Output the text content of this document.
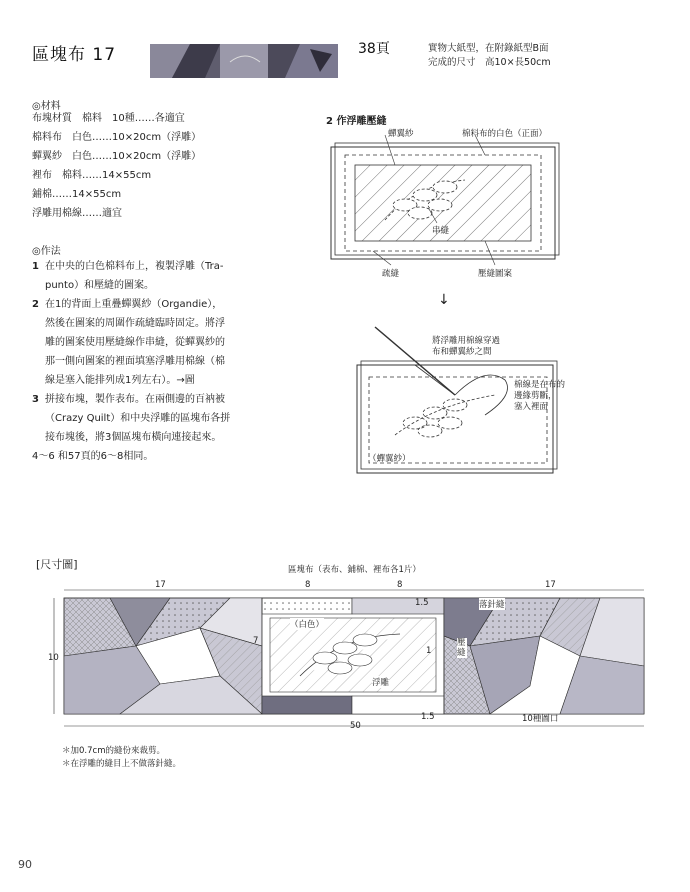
區塊布 17	38頁	實物大紙型，在附錄紙型B面
完成的尺寸　高10×長50cm
◎材料
布塊材質　棉料　10種……各適宜
棉料布　白色……10×20cm（浮雕）
蟬翼紗　白色……10×20cm（浮雕）
裡布　棉料……14×55cm
鋪棉……14×55cm
浮雕用棉線……適宜
◎作法
1 在中央的白色棉料布上，複製浮雕（Tra-
punto）和壓縫的圖案。
2 在1的背面上重疊蟬翼紗（Organdie），
然後在圖案的周圍作疏縫臨時固定。將浮
雕的圖案使用壓縫線作串縫，從蟬翼紗的
那一側向圖案的裡面填塞浮雕用棉線（棉
線是塞入能排列成1列左右）。→圖
3 拼接布塊，製作表布。在兩側邊的百衲被
（Crazy Quilt）和中央浮雕的區塊布各拼
接布塊後，將3個區塊布橫向連接起來。
4～6 和57頁的6～8相同。
2 作浮雕壓縫
蟬翼紗	棉料布的白色（正面）
串縫
疏縫	壓縫圖案
↓
將浮雕用棉線穿過
布和蟬翼紗之間
棉線是在布的
邊緣剪斷，
塞入裡面
（蟬翼紗）
[尺寸圖]	區塊布（表布、鋪棉、裡布各1片）
17	8	8	17
10
7
1.5
1.5
（白色）
浮雕
1
落針縫
壓縫
50
10種圖口
＊加0.7cm的縫份來裁剪。
＊在浮雕的縫目上不做落針縫。
90
